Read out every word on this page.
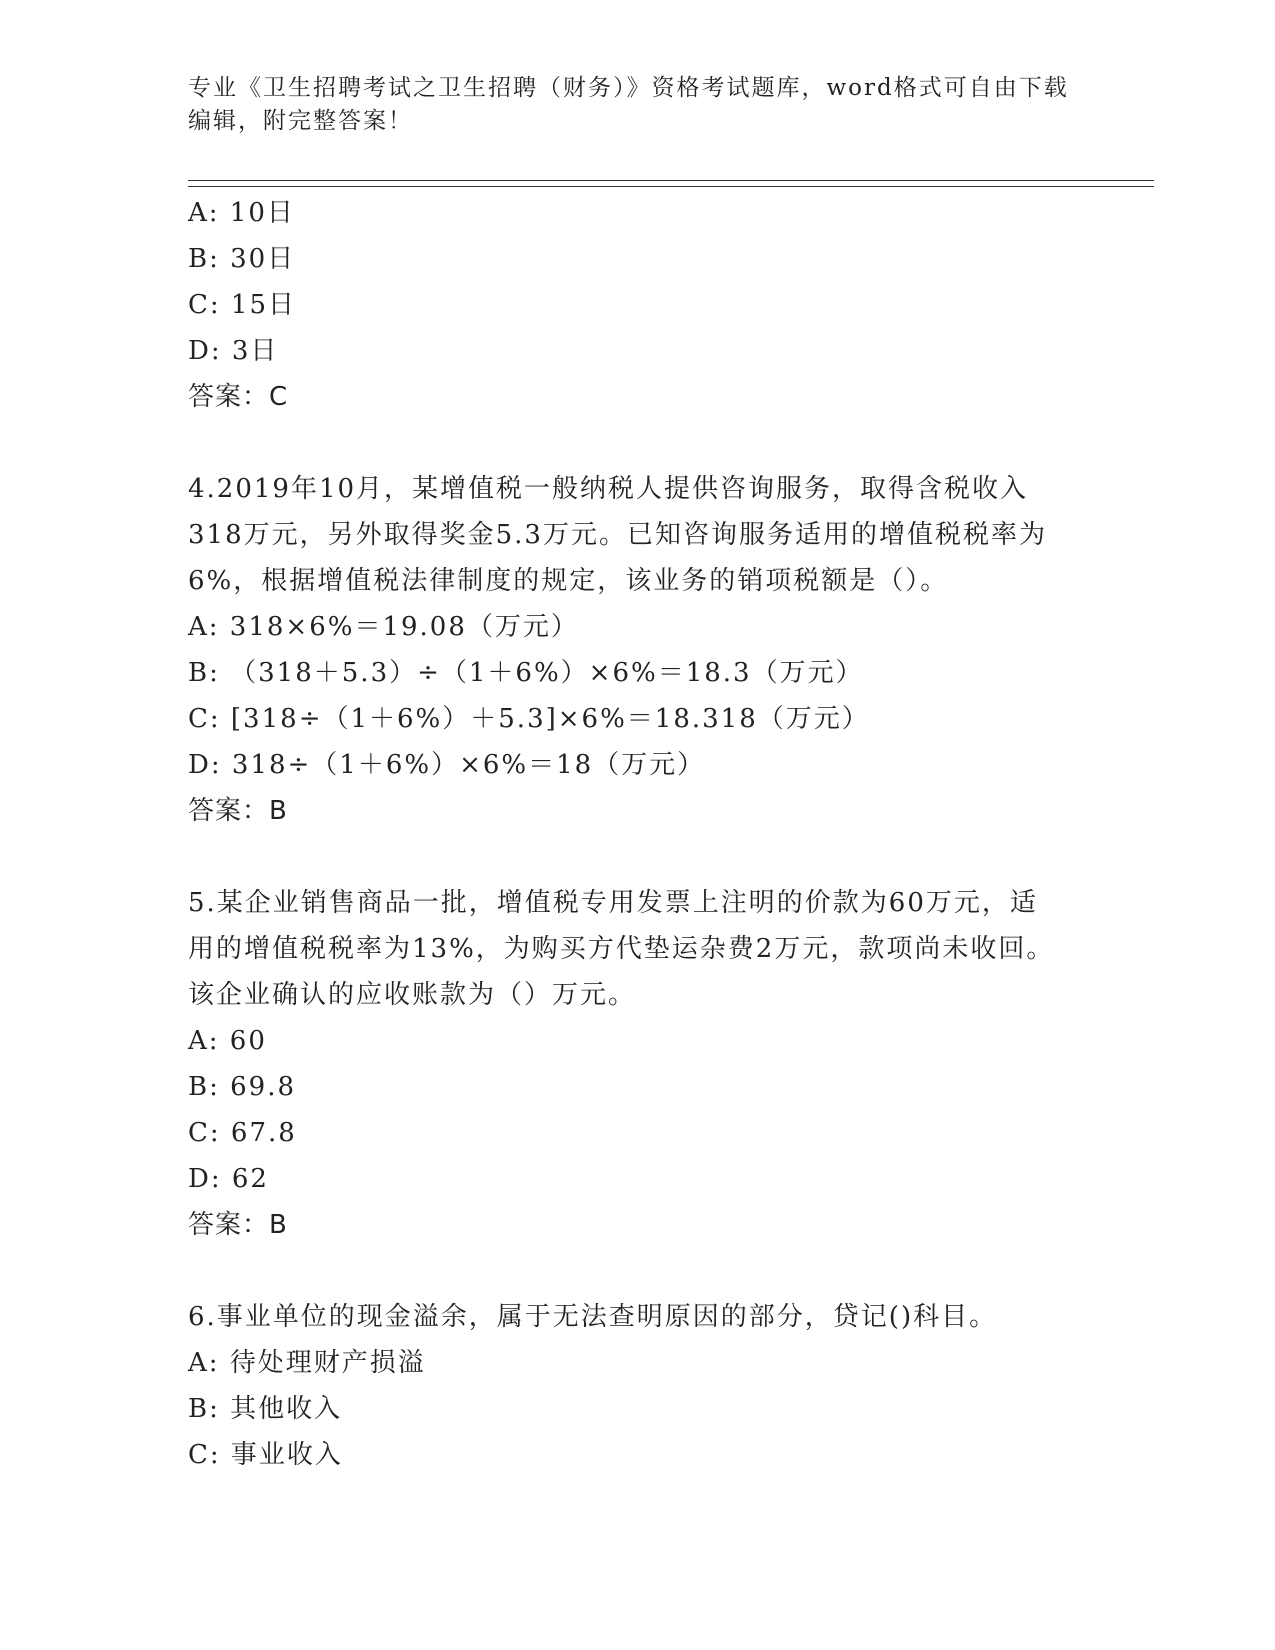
专业《卫生招聘考试之卫生招聘（财务）》资格考试题库，word格式可自由下载
编辑，附完整答案！
A: 10日
B: 30日
C: 15日
D: 3日
答案：C
4.2019年10月，某增值税一般纳税人提供咨询服务，取得含税收入
318万元，另外取得奖金5.3万元。已知咨询服务适用的增值税税率为
6%，根据增值税法律制度的规定，该业务的销项税额是（）。
A: 318×6%＝19.08（万元）
B: （318＋5.3）÷（1＋6%）×6%＝18.3（万元）
C: [318÷（1＋6%）＋5.3]×6%＝18.318（万元）
D: 318÷（1＋6%）×6%＝18（万元）
答案：B
5.某企业销售商品一批，增值税专用发票上注明的价款为60万元，适
用的增值税税率为13%，为购买方代垫运杂费2万元，款项尚未收回。
该企业确认的应收账款为（）万元。
A: 60
B: 69.8
C: 67.8
D: 62
答案：B
6.事业单位的现金溢余，属于无法查明原因的部分，贷记()科目。
A: 待处理财产损溢
B: 其他收入
C: 事业收入
